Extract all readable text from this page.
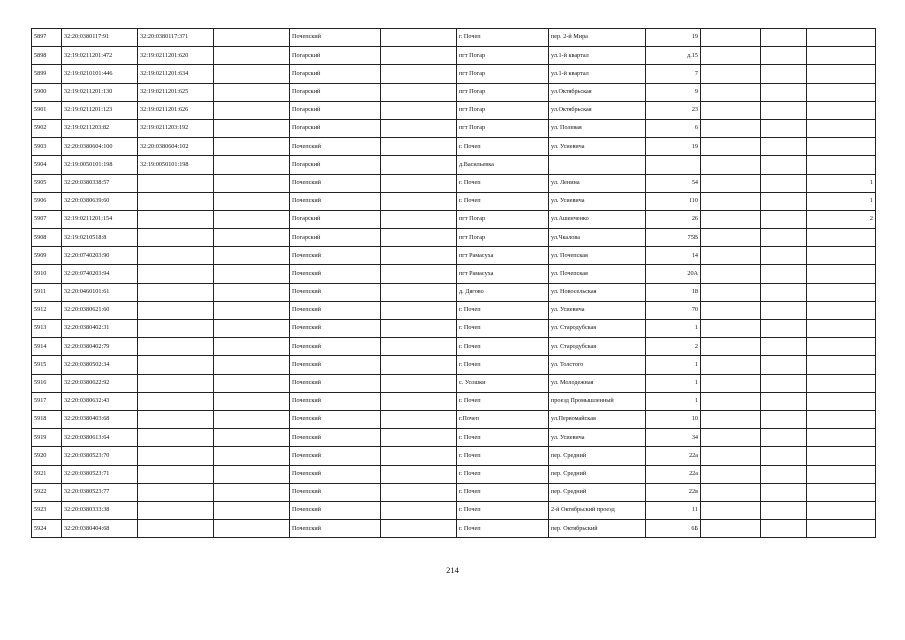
5897	32:20:0380117:91	32:20:0380117:371		Почепский		г. Почеп	пер. 2-й Мира	19			
5898	32:19:0211201:472	32:19:0211201:620		Погарский		пгт Погар	ул.1-й квартал	д.15			
5899	32:19:0210101:446	32:19:0211201:634		Погарский		пгт Погар	ул.1-й квартал	7			
5900	32:19:0211201:130	32:19:0211201:625		Погарский		пгт Погар	ул.Октябрьская	9			
5901	32:19:0211201:123	32:19:0211201:626		Погарский		пгт Погар	ул.Октябрьская	23			
5902	32:19:0211203:82	32:19:0211203:192		Погарский		пгт Погар	ул. Полевая	6			
5903	32:20:0380604:100	32:20:0380604:102		Почепский		г. Почеп	ул. Усиевича	19			
5904	32:19:0050101:198	32:19:0050101:198		Погарский		д.Васильевка					
5905	32:20:0380338:57			Почепский		г. Почеп	ул. Ленина	54			1
5906	32:20:0380639:60			Почепский		г. Почеп	ул. Усиевича	110			1
5907	32:19:0211201:154			Погарский		пгт Погар	ул.Ашенченко	26			2
5908	32:19:0210518:8			Погарский		пгт Погар	ул.Чкалова	75В			
5909	32:20:0740203:90			Почепский		пгт Рамасуха	ул. Почепская	14			
5910	32:20:0740203:94			Почепский		пгт Рамасуха	ул. Почепская	20А			
5911	32:20:0460101:61			Почепский		д. Дягово	ул. Новосельская	18			
5912	32:20:0380621:60			Почепский		г. Почеп	ул. Усиевича	70			
5913	32:20:0380402:31			Почепский		г. Почеп	ул. Стародубская	1			
5914	32:20:0380402:79			Почепский		г. Почеп	ул. Стародубская	2			
5915	32:20:0380502:34			Почепский		г. Почеп	ул. Толстого	1			
5916	32:20:0380622:92			Почепский		с. Усошки	ул. Молодежная	1			
5917	32:20:0380632:43			Почепский		г. Почеп	проезд Промышленный	1			
5918	32:20:0380403:68			Почепский		г.Почеп	ул.Первомайская	10			
5919	32:20:0380613:64			Почепский		г. Почеп	ул. Усиевича	34			
5920	32:20:0380523:70			Почепский		г. Почеп	пер. Средний	22а			
5921	32:20:0380523:71			Почепский		г. Почеп	пер. Средний	22а			
5922	32:20:0380523:77			Почепский		г. Почеп	пер. Средний	22в			
5923	32:20:0380333:38			Почепский		г. Почеп	2-й Октябрьский проезд	11			
5924	32:20:0380404:68			Почепский		г. Почеп	пер. Октябрьский	6Б			
214
